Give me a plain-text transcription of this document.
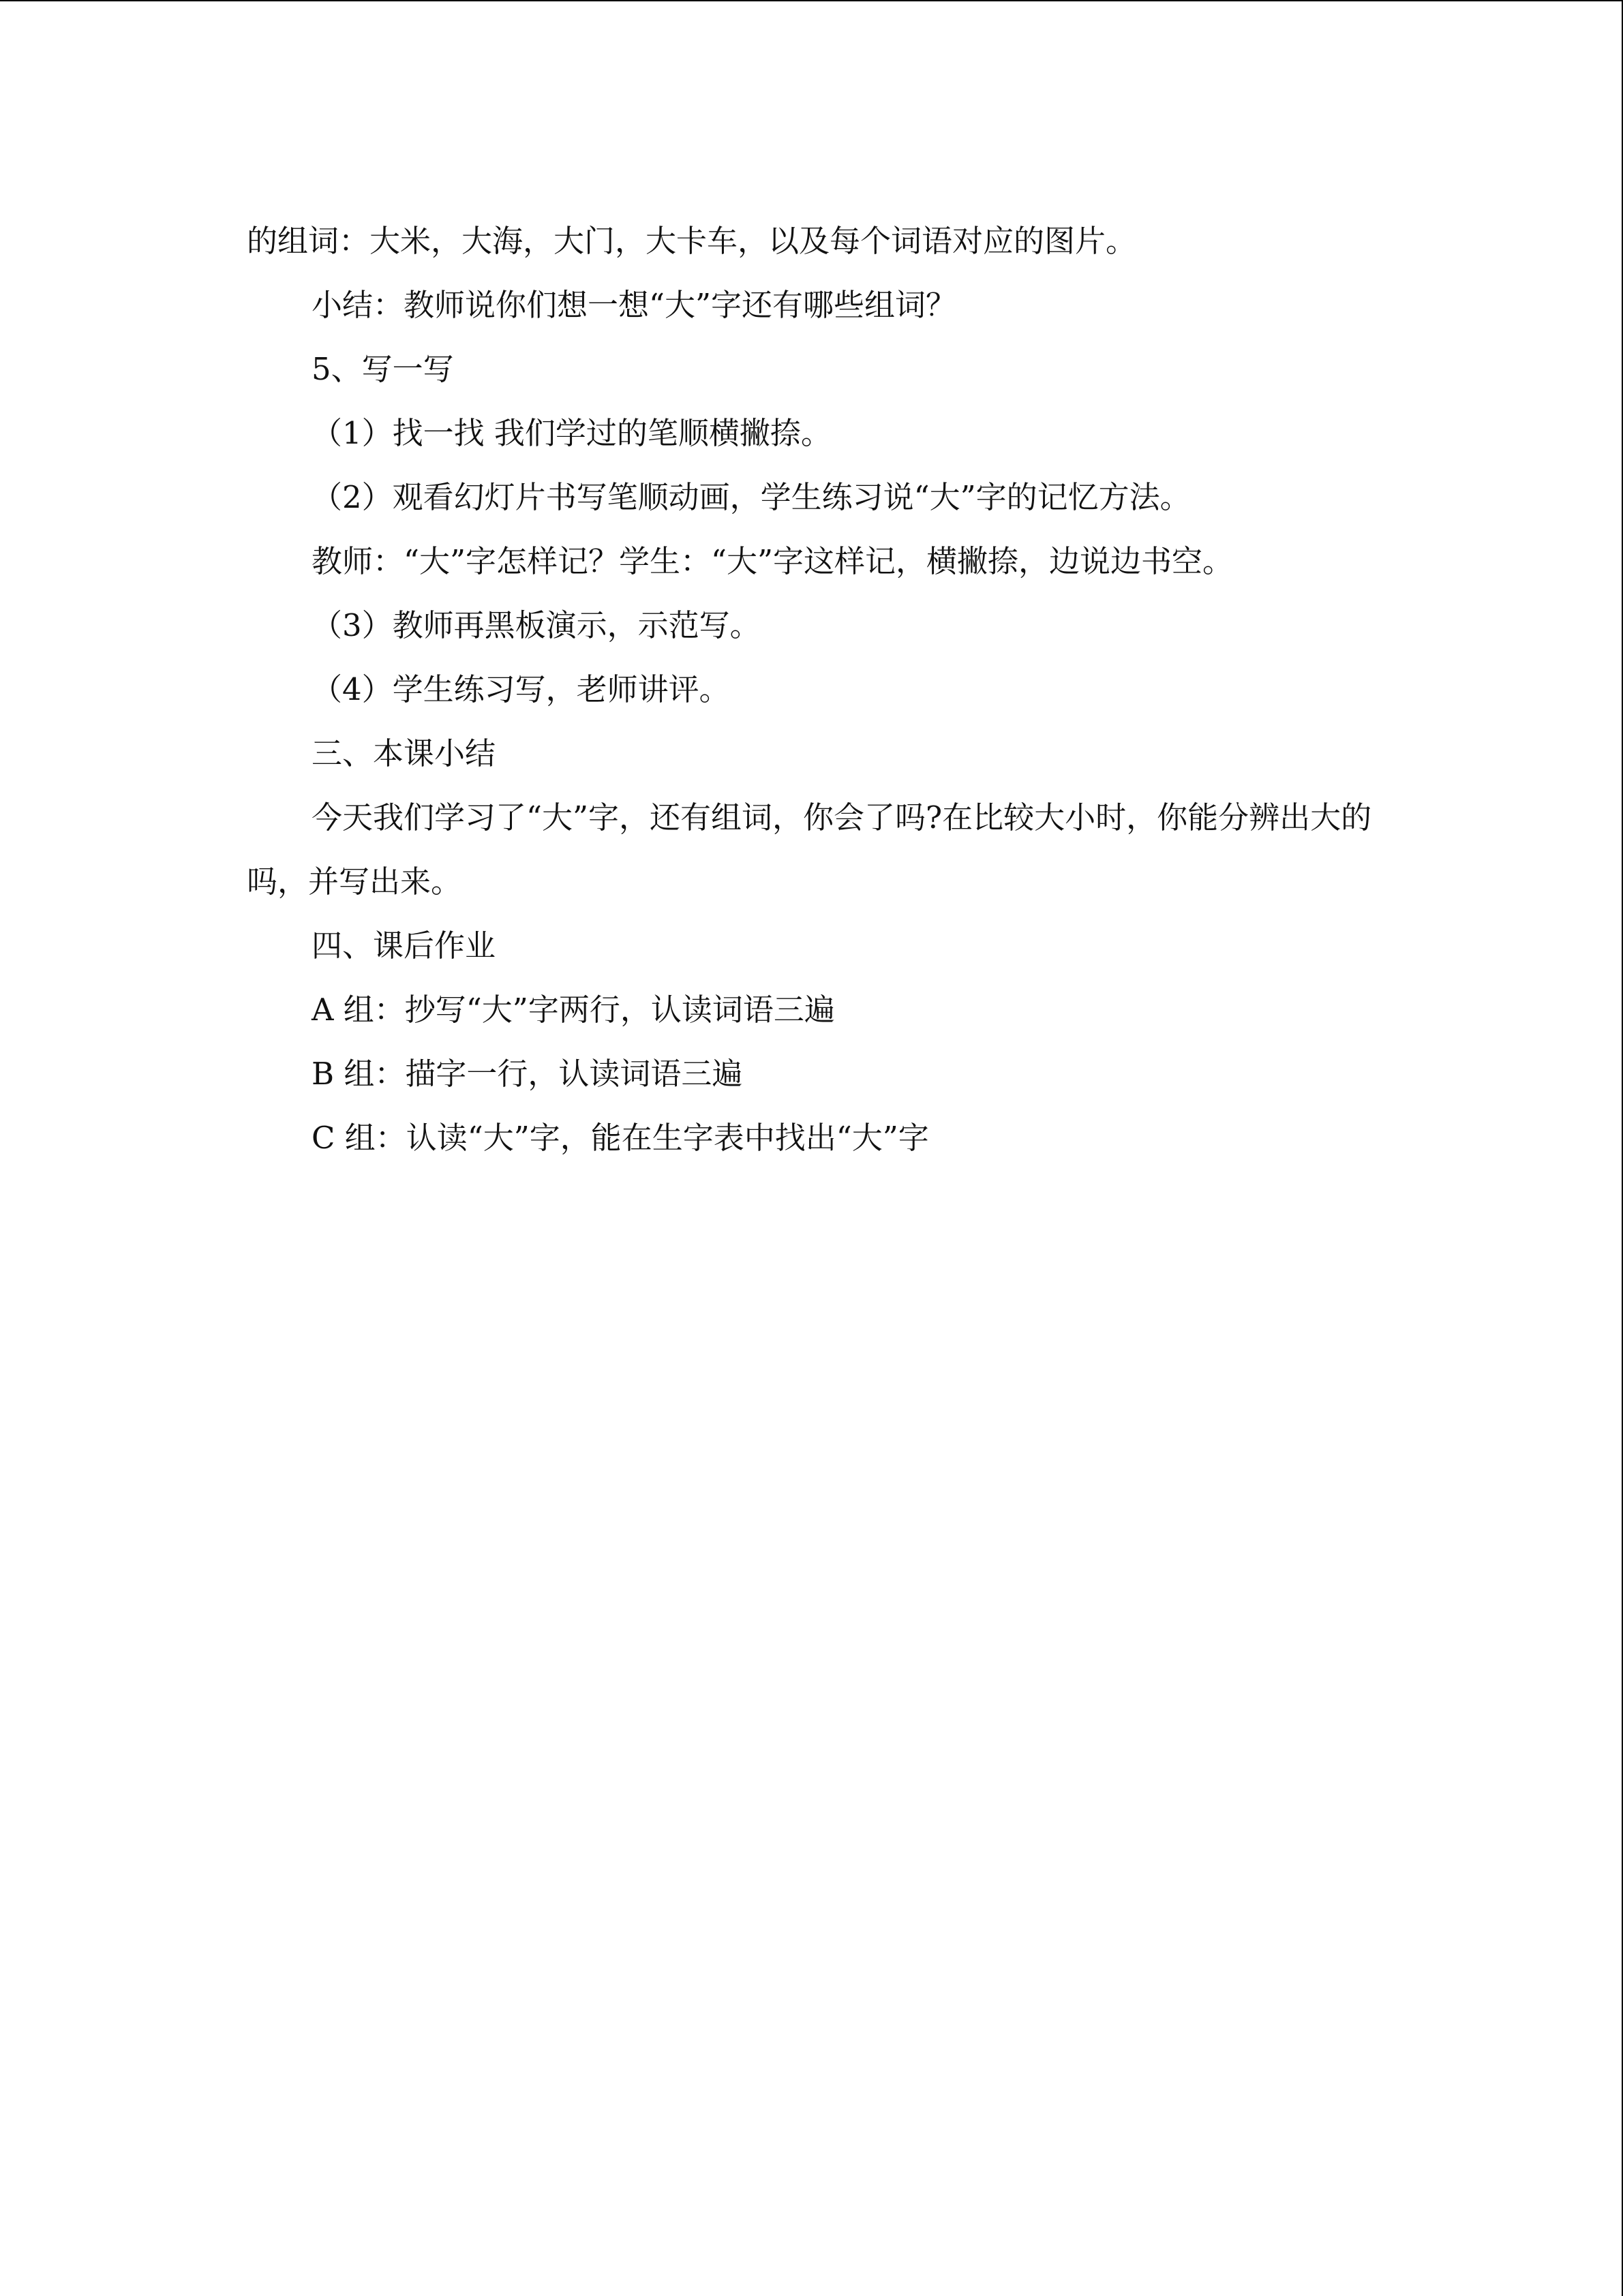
的组词：大米，大海，大门，大卡车，以及每个词语对应的图片。

小结：教师说你们想一想“大”字还有哪些组词？

5、写一写

（1）找一找 我们学过的笔顺横撇捺。

（2）观看幻灯片书写笔顺动画，学生练习说“大”字的记忆方法。

教师：“大”字怎样记？学生：“大”字这样记，横撇捺，边说边书空。

（3）教师再黑板演示，示范写。

（4）学生练习写，老师讲评。

三、本课小结

今天我们学习了“大”字，还有组词，你会了吗?在比较大小时，你能分辨出大的吗，并写出来。

四、课后作业

A 组：抄写“大”字两行，认读词语三遍

B 组：描字一行，认读词语三遍

C 组：认读“大”字，能在生字表中找出“大”字
